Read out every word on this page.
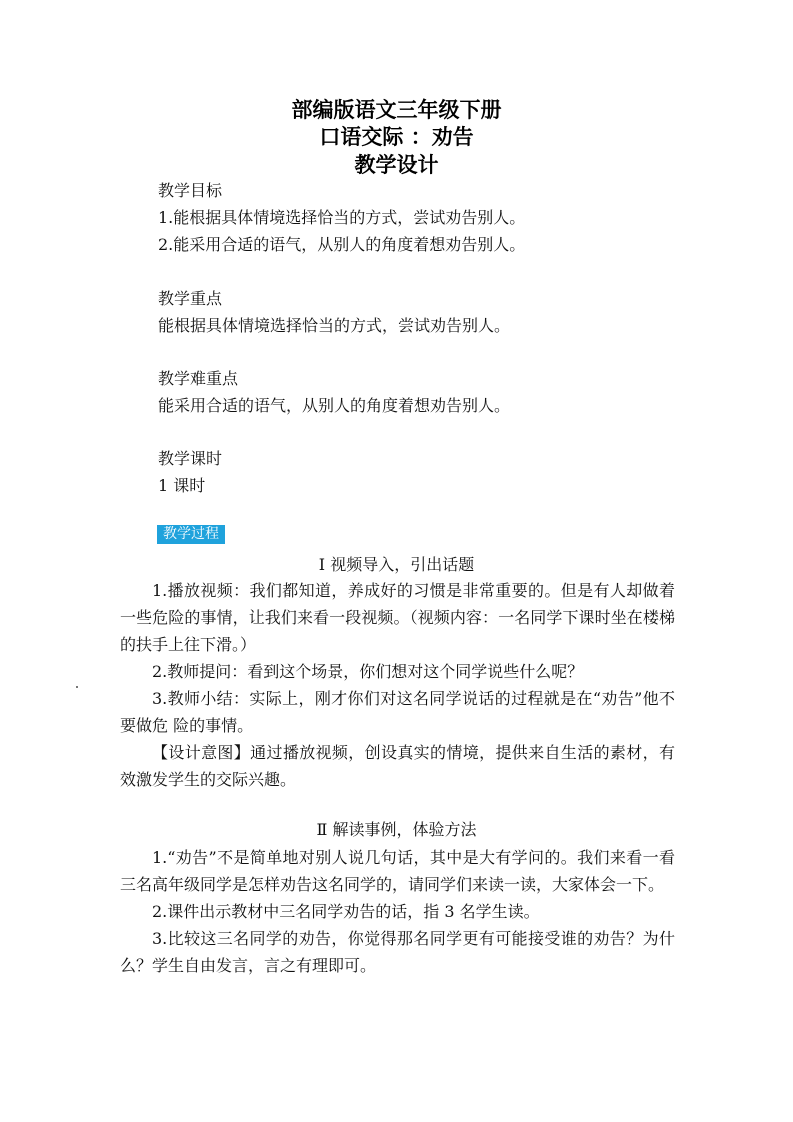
部编版语文三年级下册
口语交际 ：劝告
教学设计
教学目标
1.能根据具体情境选择恰当的方式，尝试劝告别人。
2.能采用合适的语气，从别人的角度着想劝告别人。
教学重点
能根据具体情境选择恰当的方式，尝试劝告别人。
教学难重点
能采用合适的语气，从别人的角度着想劝告别人。
教学课时
1 课时
教学过程
Ⅰ 视频导入，引出话题

1.播放视频：我们都知道，养成好的习惯是非常重要的。但是有人却做着一些危险的事情，让我们来看一段视频。（视频内容：一名同学下课时坐在楼梯的扶手上往下滑。）

2.教师提问：看到这个场景，你们想对这个同学说些什么呢？

3.教师小结：实际上，刚才你们对这名同学说话的过程就是在“劝告”他不要做危 险的事情。

【设计意图】通过播放视频，创设真实的情境，提供来自生活的素材，有效激发学生的交际兴趣。

Ⅱ 解读事例，体验方法

1.“劝告”不是简单地对别人说几句话，其中是大有学问的。我们来看一看三名高年级同学是怎样劝告这名同学的，请同学们来读一读，大家体会一下。

2.课件出示教材中三名同学劝告的话，指 3 名学生读。

3.比较这三名同学的劝告，你觉得那名同学更有可能接受谁的劝告？为什么？学生自由发言，言之有理即可。
